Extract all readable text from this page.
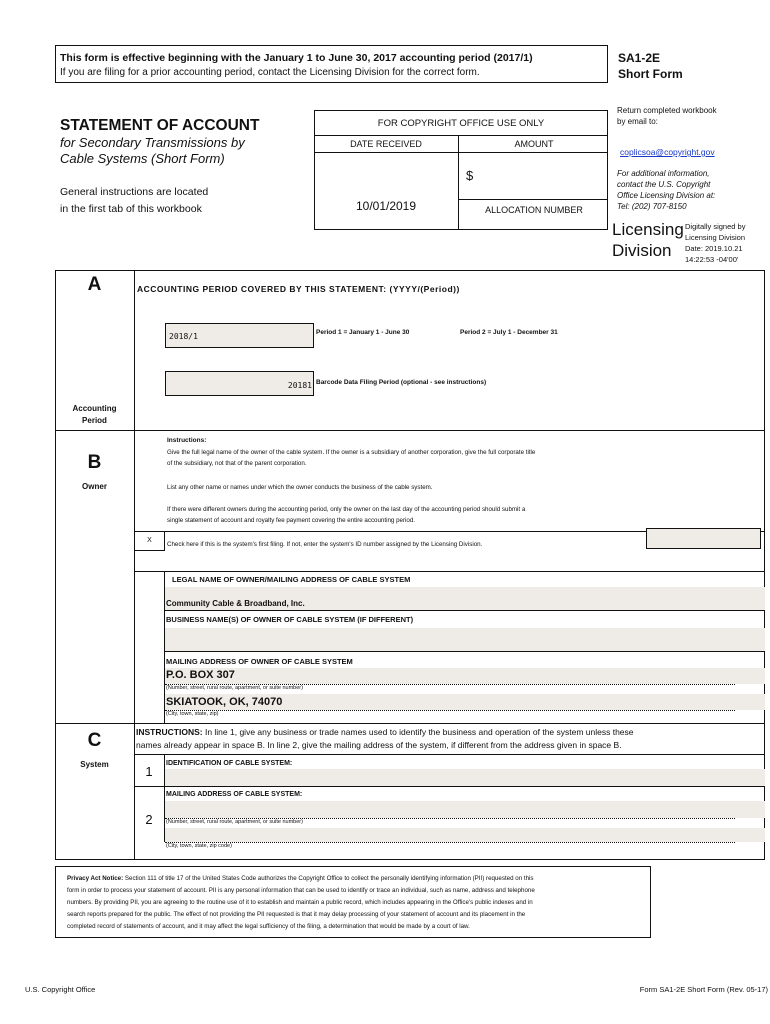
This form is effective beginning with the January 1 to June 30, 2017 accounting period (2017/1)
If you are filing for a prior accounting period, contact the Licensing Division for the correct form.
SA1-2E
Short Form
STATEMENT OF ACCOUNT
for Secondary Transmissions by
Cable Systems (Short Form)
General instructions are located
in the first tab of this workbook
FOR COPYRIGHT OFFICE USE ONLY
DATE RECEIVED	AMOUNT
10/01/2019
$
ALLOCATION NUMBER
Return completed workbook
by email to:
coplicsoa@copyright.gov
For additional information,
contact the U.S. Copyright
Office Licensing Division at:
Tel: (202) 707-8150
Licensing
Division
Digitally signed by
Licensing Division
Date: 2019.10.21
14:22:53 -04'00'
A
Accounting
Period
ACCOUNTING PERIOD COVERED BY THIS STATEMENT: (YYYY/(Period))
2018/1	Period 1 = January 1 - June 30	Period 2 = July 1 - December 31
20181 Barcode Data Filing Period (optional - see instructions)
B
Owner
Instructions:
Give the full legal name of the owner of the cable system. If the owner is a subsidiary of another corporation, give the full corporate title
of the subsidiary, not that of the parent corporation.
List any other name or names under which the owner conducts the business of the cable system.
If there were different owners during the accounting period, only the owner on the last day of the accounting period should submit a
single statement of account and royalty fee payment covering the entire accounting period.
X
Check here if this is the system's first filing. If not, enter the system's ID number assigned by the Licensing Division.
LEGAL NAME OF OWNER/MAILING ADDRESS OF CABLE SYSTEM
Community Cable & Broadband, Inc.
BUSINESS NAME(S) OF OWNER OF CABLE SYSTEM (IF DIFFERENT)
MAILING ADDRESS OF OWNER OF CABLE SYSTEM
P.O. BOX 307
(Number, street, rural route, apartment, or suite number)
SKIATOOK, OK, 74070
(City, town, state, zip)
C
System
INSTRUCTIONS: In line 1, give any business or trade names used to identify the business and operation of the system unless these
names already appear in space B. In line 2, give the mailing address of the system, if different from the address given in space B.
1
IDENTIFICATION OF CABLE SYSTEM:
MAILING ADDRESS OF CABLE SYSTEM:
2	(Number, street, rural route, apartment, or suite number)
(City, town, state, zip code)
Privacy Act Notice: Section 111 of title 17 of the United States Code authorizes the Copyright Office to collect the personally identifying information (PII) requested on this
form in order to process your statement of account. PII is any personal information that can be used to identify or trace an individual, such as name, address and telephone
numbers. By providing PII, you are agreeing to the routine use of it to establish and maintain a public record, which includes appearing in the Office's public indexes and in
search reports prepared for the public. The effect of not providing the PII requested is that it may delay processing of your statement of account and its placement in the
completed record of statements of account, and it may affect the legal sufficiency of the filing, a determination that would be made by a court of law.
U.S. Copyright Office	Form SA1-2E Short Form (Rev. 05-17)
